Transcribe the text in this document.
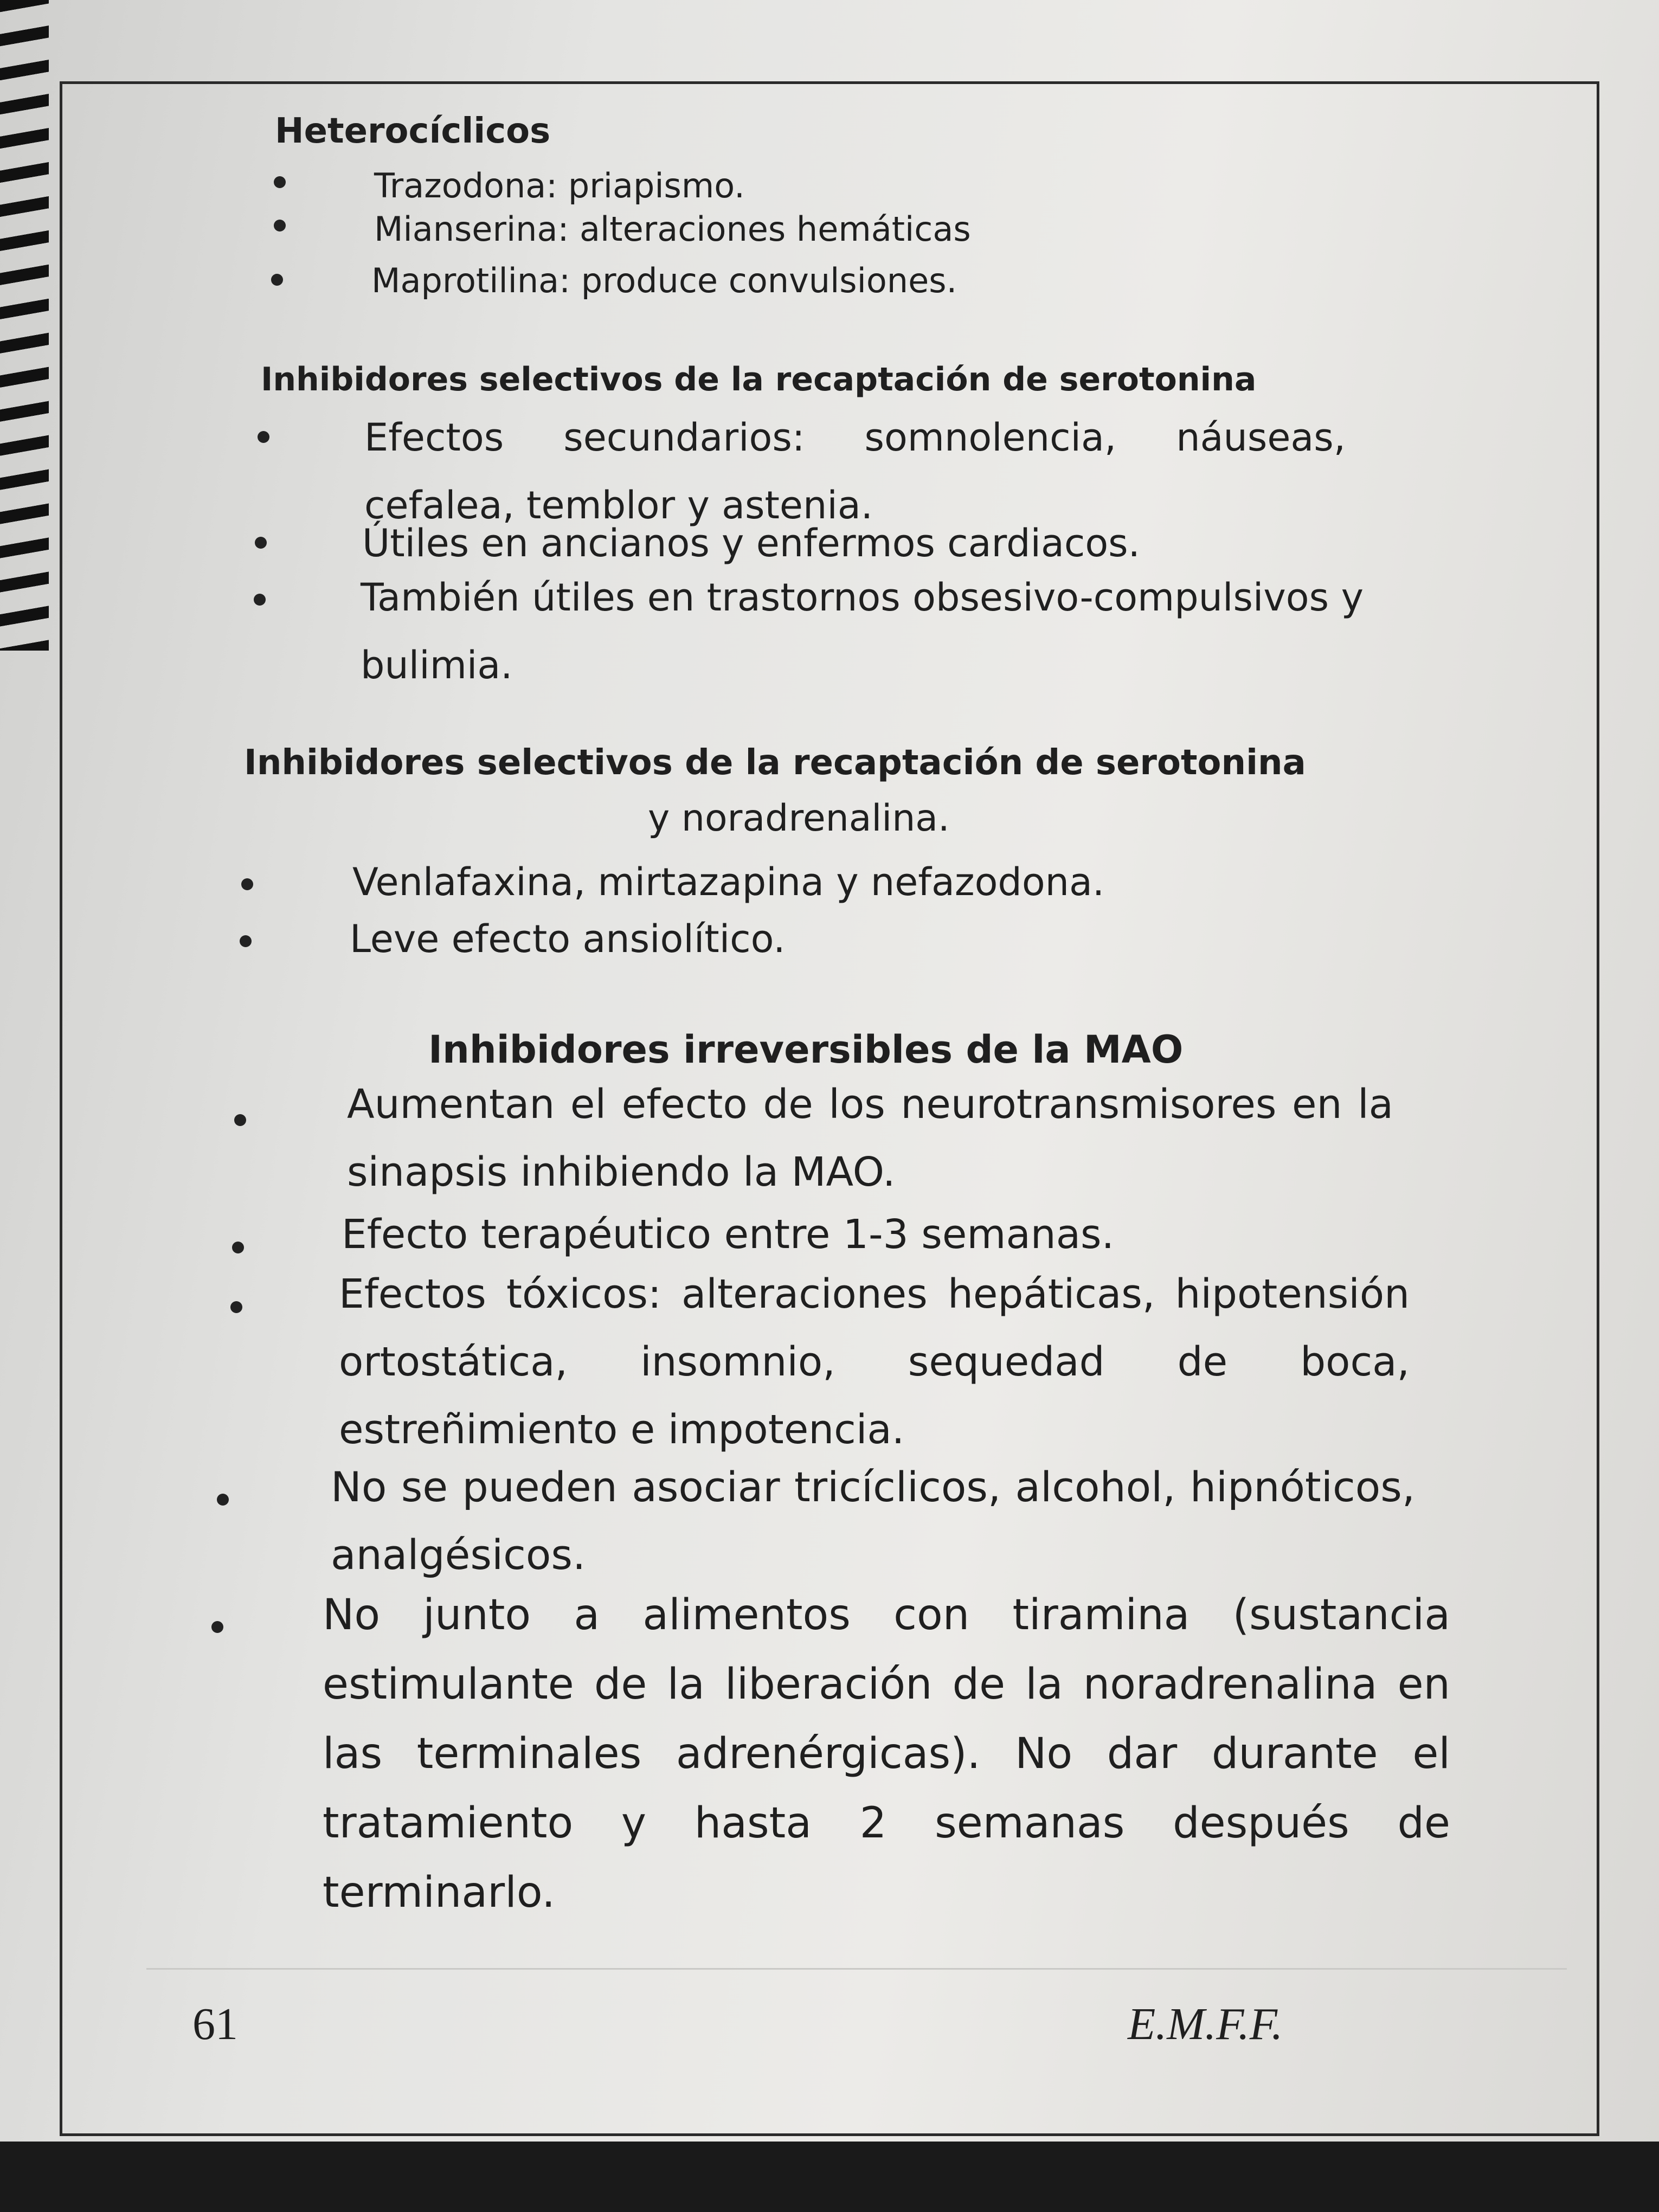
Heterocíclicos
Trazodona: priapismo.
Mianserina: alteraciones hemáticas
Maprotilina: produce convulsiones.
Inhibidores selectivos de la recaptación de serotonina
Efectos secundarios: somnolencia, náuseas, cefalea, temblor y astenia.
Útiles en ancianos y enfermos cardiacos.
También útiles en trastornos obsesivo-compulsivos y bulimia.
Inhibidores selectivos de la recaptación de serotonina
y noradrenalina.
Venlafaxina, mirtazapina y nefazodona.
Leve efecto ansiolítico.
Inhibidores irreversibles de la MAO
Aumentan el efecto de los neurotransmisores en la sinapsis inhibiendo la MAO.
Efecto terapéutico entre 1-3 semanas.
Efectos tóxicos: alteraciones hepáticas, hipotensión ortostática, insomnio, sequedad de boca, estreñimiento e impotencia.
No se pueden asociar tricíclicos, alcohol, hipnóticos, analgésicos.
No junto a alimentos con tiramina (sustancia estimulante de la liberación de la noradrenalina en las terminales adrenérgicas). No dar durante el tratamiento y hasta 2 semanas después de terminarlo.
61	E.M.F.F.
